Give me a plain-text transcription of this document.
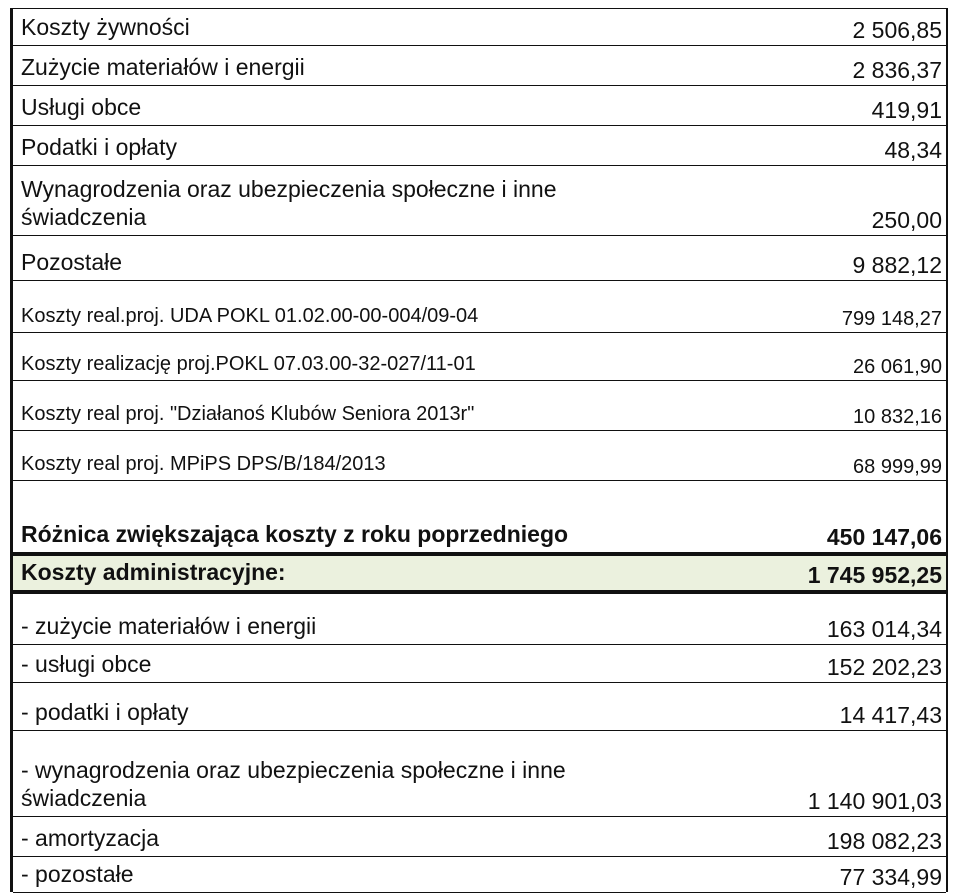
Koszty żywności	2 506,85
Zużycie materiałów i energii	2 836,37
Usługi obce	419,91
Podatki i opłaty	48,34
Wynagrodzenia oraz ubezpieczenia społeczne i inne świadczenia	250,00
Pozostałe	9 882,12
Koszty real.proj. UDA POKL 01.02.00-00-004/09-04	799 148,27
Koszty realizację proj.POKL 07.03.00-32-027/11-01	26 061,90
Koszty real proj. "Działanoś Klubów Seniora 2013r"	10 832,16
Koszty real proj. MPiPS DPS/B/184/2013	68 999,99
Różnica zwiększająca koszty z roku poprzedniego	450 147,06
Koszty administracyjne:	1 745 952,25
- zużycie materiałów i energii	163 014,34
- usługi obce	152 202,23
- podatki i opłaty	14 417,43
- wynagrodzenia oraz ubezpieczenia społeczne i inne świadczenia	1 140 901,03
- amortyzacja	198 082,23
- pozostałe	77 334,99
